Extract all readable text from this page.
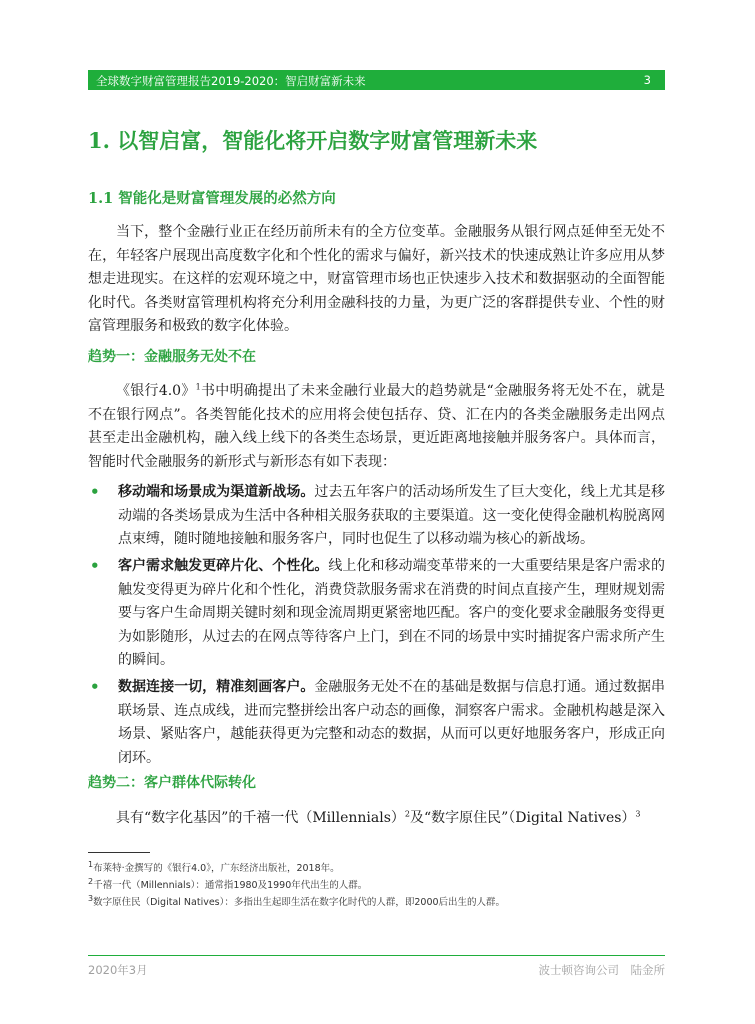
全球数字财富管理报告2019-2020：智启财富新未来	3
1. 以智启富，智能化将开启数字财富管理新未来
1.1 智能化是财富管理发展的必然方向

当下，整个金融行业正在经历前所未有的全方位变革。金融服务从银行网点延伸至无处不在，年轻客户展现出高度数字化和个性化的需求与偏好，新兴技术的快速成熟让许多应用从梦想走进现实。在这样的宏观环境之中，财富管理市场也正快速步入技术和数据驱动的全面智能化时代。各类财富管理机构将充分利用金融科技的力量，为更广泛的客群提供专业、个性的财富管理服务和极致的数字化体验。

趋势一：金融服务无处不在

《银行4.0》$^1$书中明确提出了未来金融行业最大的趋势就是“金融服务将无处不在，就是不在银行网点”。各类智能化技术的应用将会使包括存、贷、汇在内的各类金融服务走出网点甚至走出金融机构，融入线上线下的各类生态场景，更近距离地接触并服务客户。具体而言，智能时代金融服务的新形式与新形态有如下表现：

•	移动端和场景成为渠道新战场。过去五年客户的活动场所发生了巨大变化，线上尤其是移动端的各类场景成为生活中各种相关服务获取的主要渠道。这一变化使得金融机构脱离网点束缚，随时随地接触和服务客户，同时也促生了以移动端为核心的新战场。
•	客户需求触发更碎片化、个性化。线上化和移动端变革带来的一大重要结果是客户需求的触发变得更为碎片化和个性化，消费贷款服务需求在消费的时间点直接产生，理财规划需要与客户生命周期关键时刻和现金流周期更紧密地匹配。客户的变化要求金融服务变得更为如影随形，从过去的在网点等待客户上门，到在不同的场景中实时捕捉客户需求所产生的瞬间。
•	数据连接一切，精准刻画客户。金融服务无处不在的基础是数据与信息打通。通过数据串联场景、连点成线，进而完整拼绘出客户动态的画像，洞察客户需求。金融机构越是深入场景、紧贴客户，越能获得更为完整和动态的数据，从而可以更好地服务客户，形成正向闭环。
趋势二：客户群体代际转化

具有“数字化基因”的千禧一代（Millennials）$^2$及“数字原住民”（Digital Natives）$^3$

$^1$布莱特·金撰写的《银行4.0》，广东经济出版社，2018年。
$^2$千禧一代（Millennials）：通常指1980及1990年代出生的人群。
$^3$数字原住民（Digital Natives）：多指出生起即生活在数字化时代的人群，即2000后出生的人群。
2020年3月	波士顿咨询公司　陆金所
